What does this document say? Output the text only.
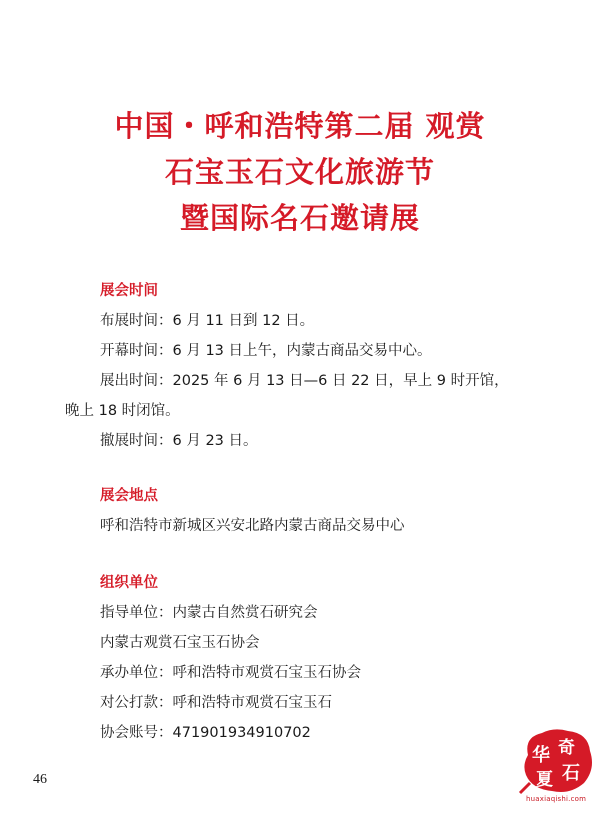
中国・呼和浩特第二届 观赏
石宝玉石文化旅游节
暨国际名石邀请展
展会时间
布展时间：6 月 11 日到 12 日。
开幕时间：6 月 13 日上午，内蒙古商品交易中心。
展出时间：2025 年 6 月 13 日—6 日 22 日，早上 9 时开馆，
晚上 18 时闭馆。
撤展时间：6 月 23 日。
展会地点
呼和浩特市新城区兴安北路内蒙古商品交易中心
组织单位
指导单位：内蒙古自然赏石研究会
内蒙古观赏石宝玉石协会
承办单位：呼和浩特市观赏石宝玉石协会
对公打款：呼和浩特市观赏石宝玉石
协会账号：471901934910702
46
华 奇
夏 石
huaxiaqishi.com
